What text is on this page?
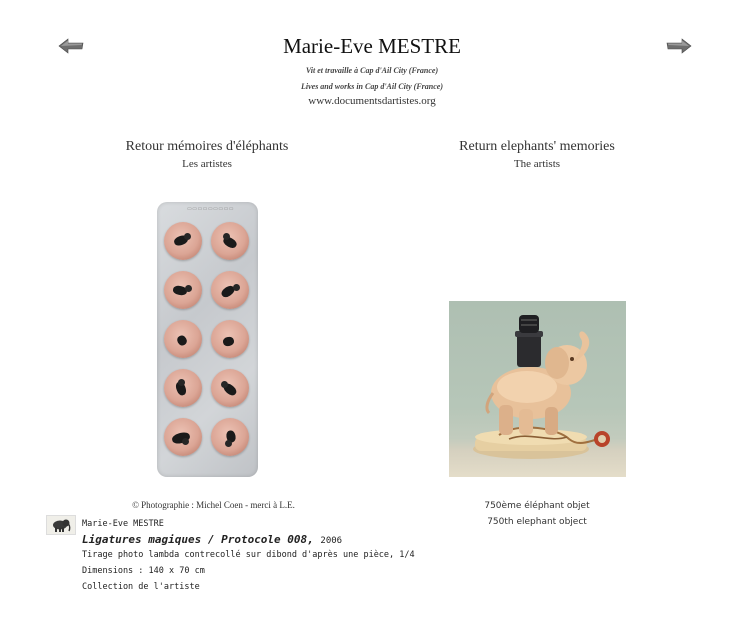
Marie-Eve MESTRE
Vit et travaille à Cap d'Ail City (France)
Lives and works in Cap d'Ail City (France)
www.documentsdartistes.org
Retour mémoires d'éléphants
Les artistes
Return elephants' memories
The artists
▭▭▭▭▭▭▭▭▭
© Photographie : Michel Coen - merci à L.E.	750ème éléphant objet
750th elephant object
Marie-Eve MESTRE
Ligatures magiques / Protocole 008, 2006
Tirage photo lambda contrecollé sur dibond d'après une pièce, 1/4
Dimensions : 140 x 70 cm
Collection de l'artiste
